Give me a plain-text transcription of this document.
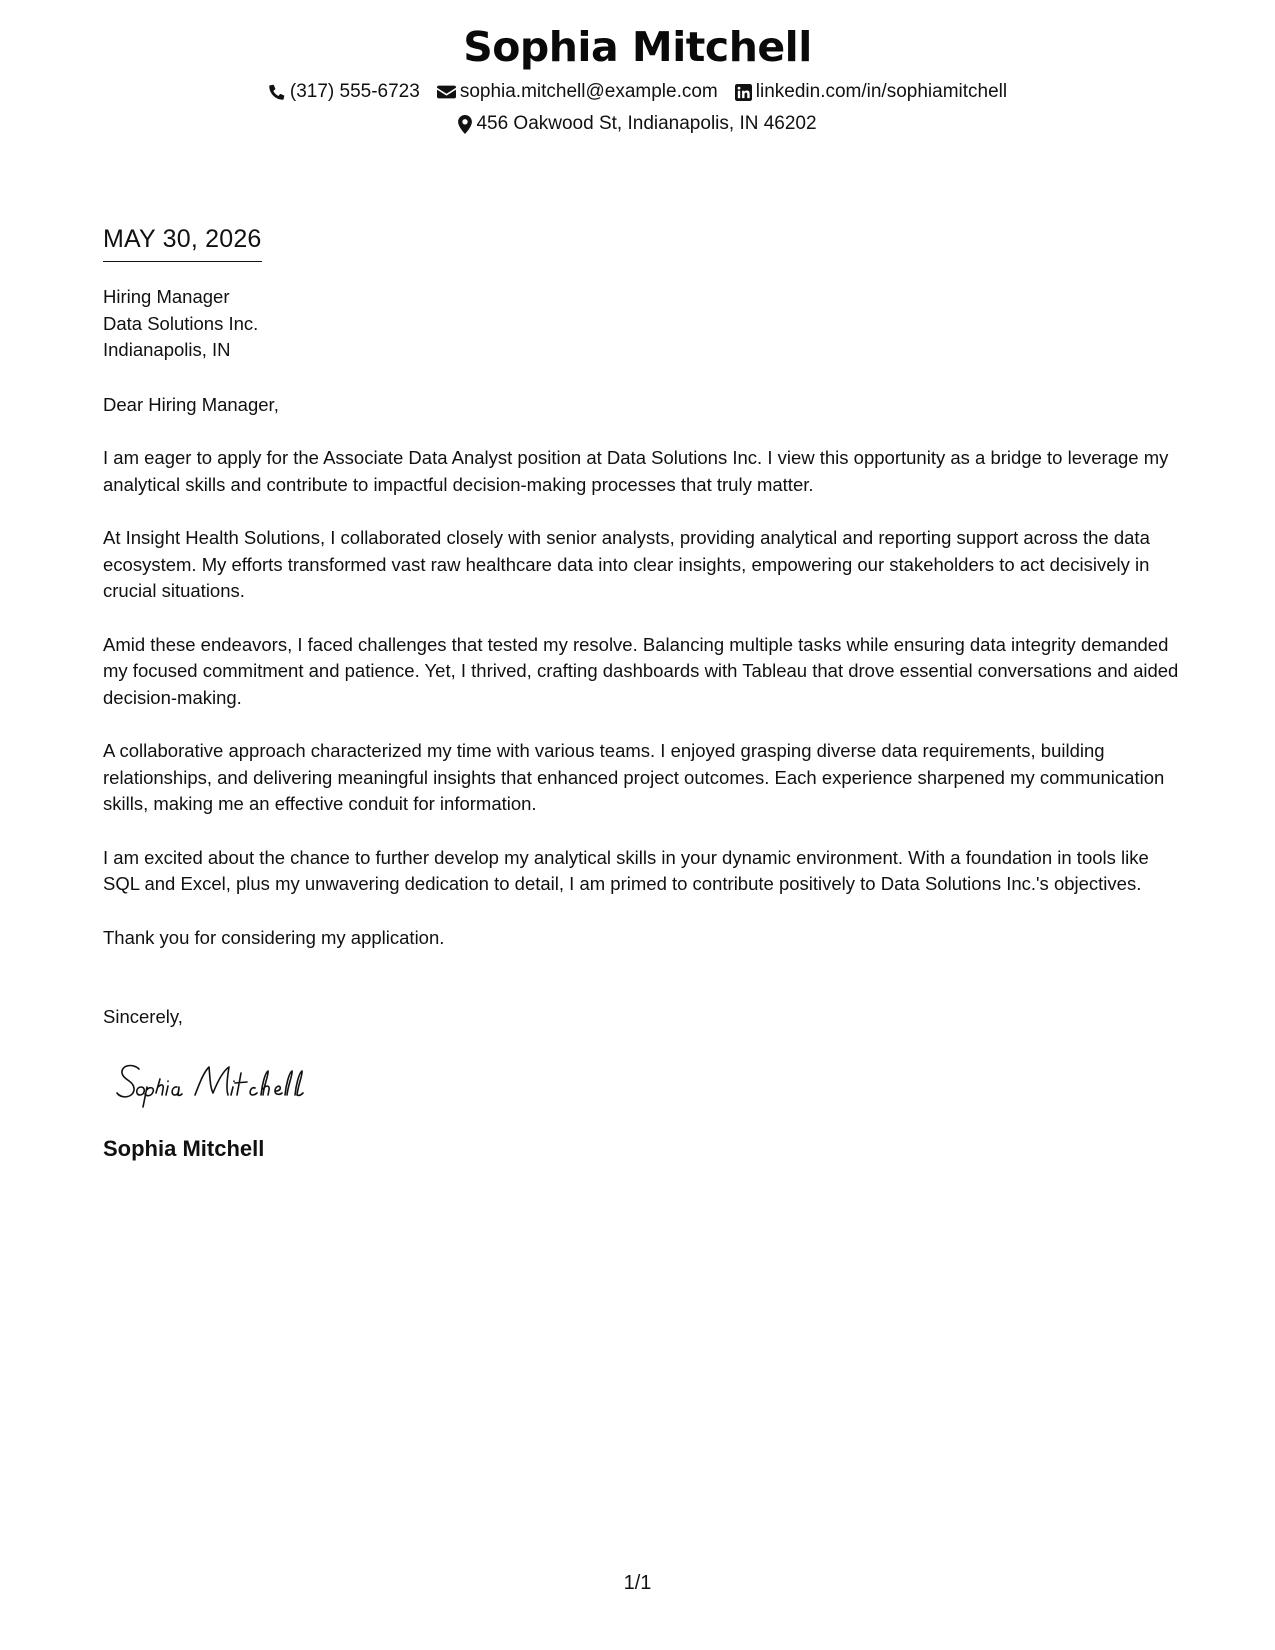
Sophia Mitchell
(317) 555-6723 sophia.mitchell@example.com linkedin.com/in/sophiamitchell
456 Oakwood St, Indianapolis, IN 46202
MAY 30, 2026
Hiring Manager
Data Solutions Inc.
Indianapolis, IN
Dear Hiring Manager,

I am eager to apply for the Associate Data Analyst position at Data Solutions Inc. I view this opportunity as a bridge to leverage my analytical skills and contribute to impactful decision-making processes that truly matter.

At Insight Health Solutions, I collaborated closely with senior analysts, providing analytical and reporting support across the data ecosystem. My efforts transformed vast raw healthcare data into clear insights, empowering our stakeholders to act decisively in crucial situations.

Amid these endeavors, I faced challenges that tested my resolve. Balancing multiple tasks while ensuring data integrity demanded my focused commitment and patience. Yet, I thrived, crafting dashboards with Tableau that drove essential conversations and aided decision-making.

A collaborative approach characterized my time with various teams. I enjoyed grasping diverse data requirements, building relationships, and delivering meaningful insights that enhanced project outcomes. Each experience sharpened my communication skills, making me an effective conduit for information.

I am excited about the chance to further develop my analytical skills in your dynamic environment. With a foundation in tools like SQL and Excel, plus my unwavering dedication to detail, I am primed to contribute positively to Data Solutions Inc.'s objectives.

Thank you for considering my application.

Sincerely,
Sophia Mitchell
1/1
